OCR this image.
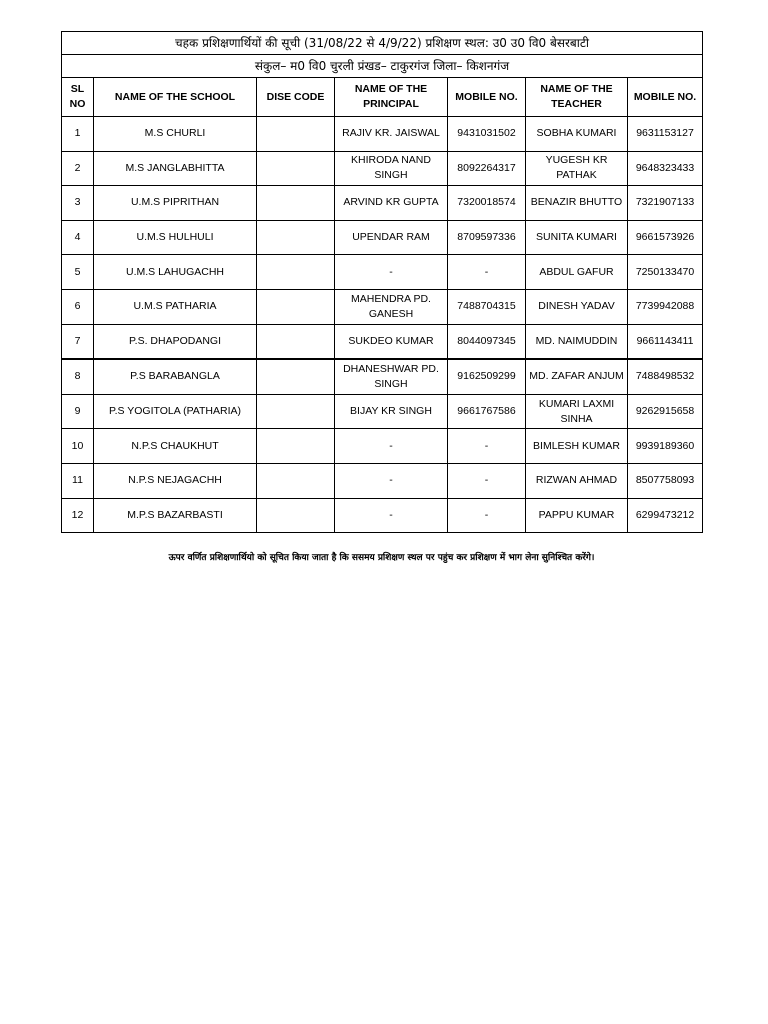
चहक प्रशिक्षणार्थियों की सूची (31/08/22 से 4/9/22) प्रशिक्षण स्थल: उ0 उ0 वि0 बेसरबाटी						
संकुल– म0 वि0 चुरली प्रंखड– टाकुरगंज जिला– किशनगंज						
SL NO	NAME OF THE SCHOOL	DISE CODE	NAME OF THE PRINCIPAL	MOBILE NO.	NAME OF THE TEACHER	MOBILE NO.
1	M.S CHURLI		RAJIV KR. JAISWAL	9431031502	SOBHA KUMARI	9631153127
2	M.S JANGLABHITTA		KHIRODA NAND SINGH	8092264317	YUGESH KR PATHAK	9648323433
3	U.M.S PIPRITHAN		ARVIND KR GUPTA	7320018574	BENAZIR BHUTTO	7321907133
4	U.M.S HULHULI		UPENDAR RAM	8709597336	SUNITA KUMARI	9661573926
5	U.M.S LAHUGACHH		-	-	ABDUL GAFUR	7250133470
6	U.M.S PATHARIA		MAHENDRA PD. GANESH	7488704315	DINESH YADAV	7739942088
7	P.S. DHAPODANGI		SUKDEO KUMAR	8044097345	MD. NAIMUDDIN	9661143411
8	P.S BARABANGLA		DHANESHWAR PD. SINGH	9162509299	MD. ZAFAR ANJUM	7488498532
9	P.S YOGITOLA (PATHARIA)		BIJAY KR SINGH	9661767586	KUMARI LAXMI SINHA	9262915658
10	N.P.S CHAUKHUT		-	-	BIMLESH KUMAR	9939189360
11	N.P.S NEJAGACHH		-	-	RIZWAN AHMAD	8507758093
12	M.P.S BAZARBASTI		-	-	PAPPU KUMAR	6299473212
ऊपर वर्णित प्रशिक्षणार्थियो को सूचित किया जाता है कि ससमय प्रशिक्षण स्थल पर पहुंच कर प्रशिक्षण में भाग लेना सुनिश्चित करेंगे।
